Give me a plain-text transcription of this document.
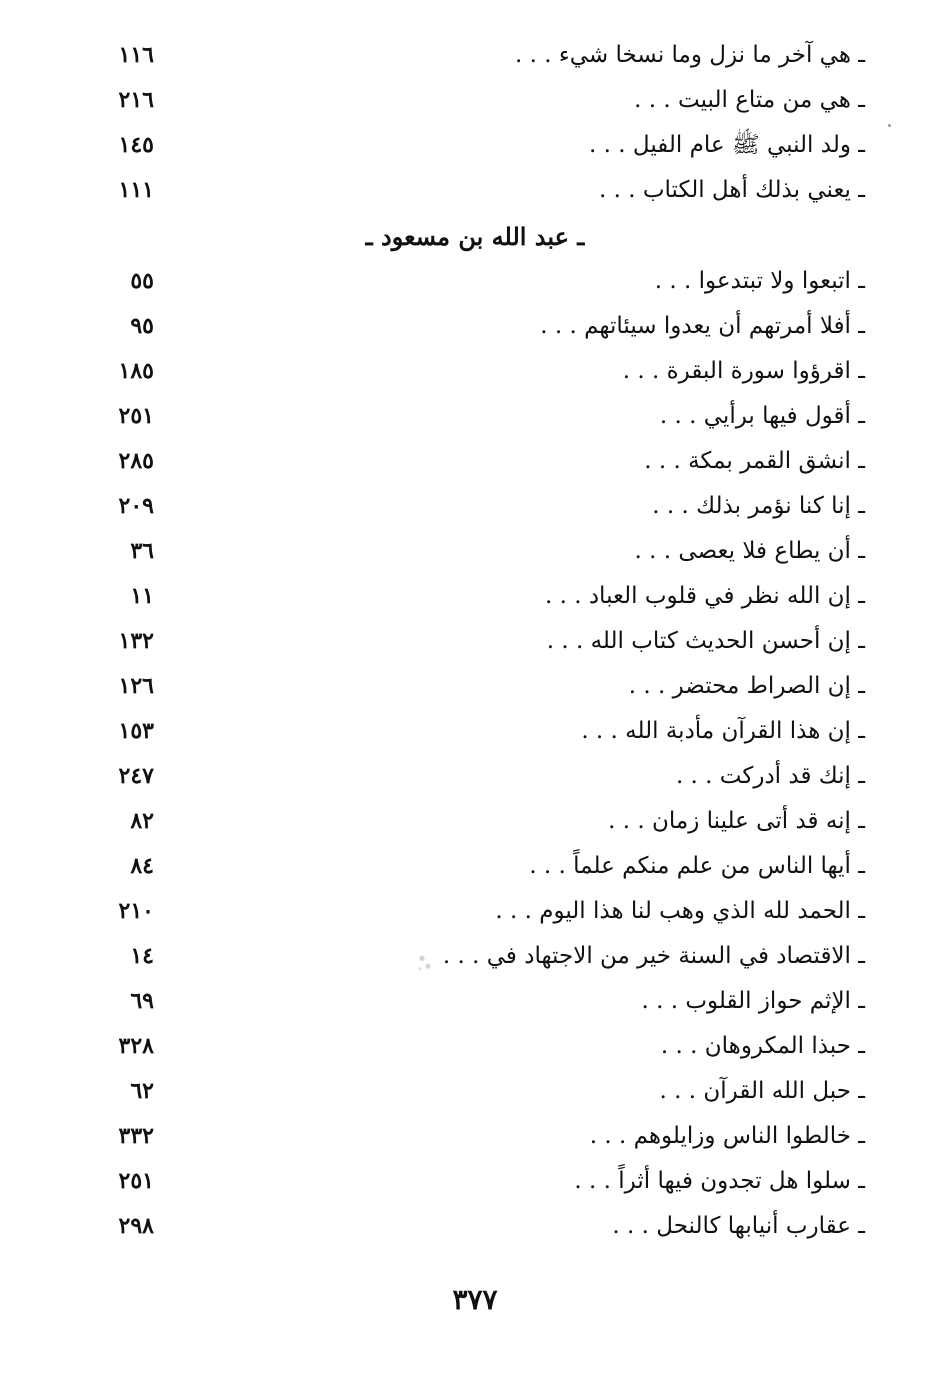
ـ هي آخر ما نزل وما نسخا شيء . . .
١١٦
ـ هي من متاع البيت . . .
٢١٦
ـ ولد النبي ﷺ عام الفيل . . .
١٤٥
ـ يعني بذلك أهل الكتاب . . .
١١١
ـ عبد الله بن مسعود ـ
ـ اتبعوا ولا تبتدعوا . . .
٥٥
ـ أفلا أمرتهم أن يعدوا سيئاتهم . . .
٩٥
ـ اقرؤوا سورة البقرة . . .
١٨٥
ـ أقول فيها برأيي . . .
٢٥١
ـ انشق القمر بمكة . . .
٢٨٥
ـ إنا كنا نؤمر بذلك . . .
٢٠٩
ـ أن يطاع فلا يعصى . . .
٣٦
ـ إن الله نظر في قلوب العباد . . .
١١
ـ إن أحسن الحديث كتاب الله . . .
١٣٢
ـ إن الصراط محتضر . . .
١٢٦
ـ إن هذا القرآن مأدبة الله . . .
١٥٣
ـ إنك قد أدركت . . .
٢٤٧
ـ إنه قد أتى علينا زمان . . .
٨٢
ـ أيها الناس من علم منكم علماً . . .
٨٤
ـ الحمد لله الذي وهب لنا هذا اليوم . . .
٢١٠
ـ الاقتصاد في السنة خير من الاجتهاد في . . .
١٤
ـ الإثم حواز القلوب . . .
٦٩
ـ حبذا المكروهان . . .
٣٢٨
ـ حبل الله القرآن . . .
٦٢
ـ خالطوا الناس وزايلوهم . . .
٣٣٢
ـ سلوا هل تجدون فيها أثراً . . .
٢٥١
ـ عقارب أنيابها كالنحل . . .
٢٩٨
٣٧٧
